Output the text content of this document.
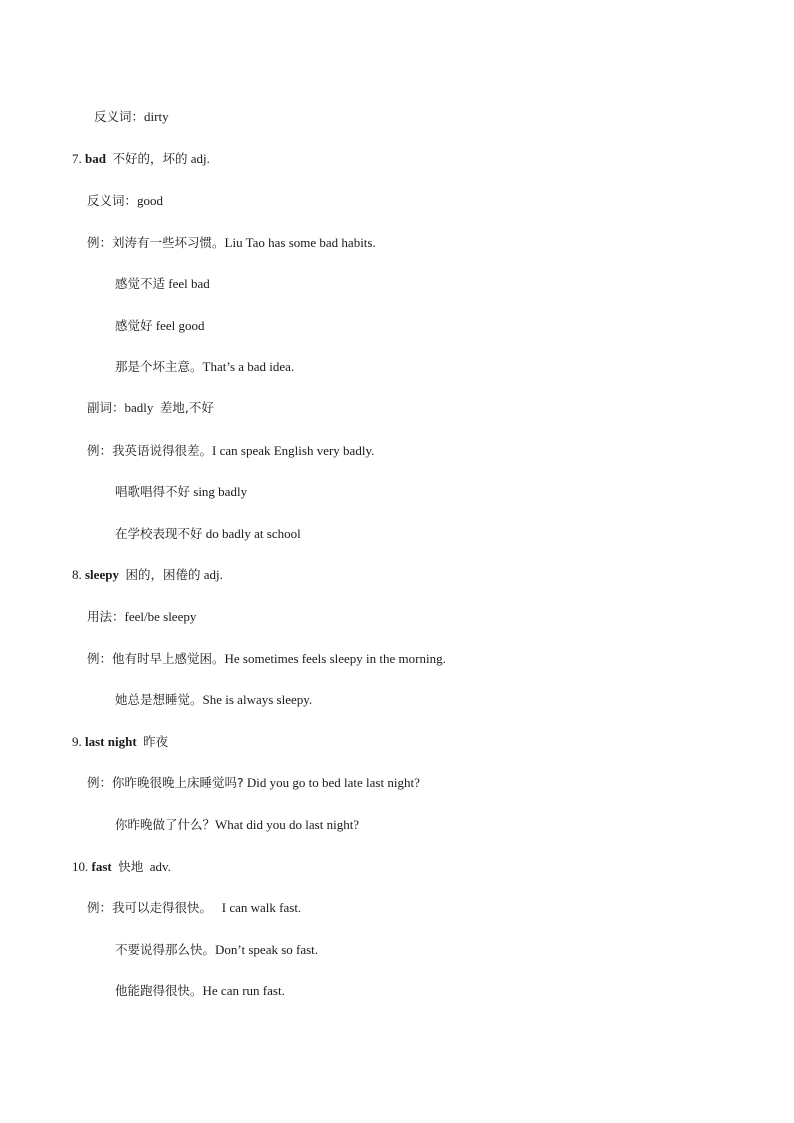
反义词：dirty
7. bad 不好的，坏的 adj.
反义词：good
例：刘涛有一些坏习惯。Liu Tao has some bad habits.
感觉不适 feel bad
感觉好 feel good
那是个坏主意。That’s a bad idea.
副词：badly 差地,不好
例：我英语说得很差。I can speak English very badly.
唱歌唱得不好 sing badly
在学校表现不好 do badly at school
8. sleepy 困的，困倦的 adj.
用法：feel/be sleepy
例：他有时早上感觉困。He sometimes feels sleepy in the morning.
她总是想睡觉。She is always sleepy.
9. last night 昨夜
例：你昨晚很晚上床睡觉吗? Did you go to bed late last night?
你昨晚做了什么？What did you do last night?
10. fast 快地 adv.
例：我可以走得很快。 I can walk fast.
不要说得那么快。Don’t speak so fast.
他能跑得很快。He can run fast.
